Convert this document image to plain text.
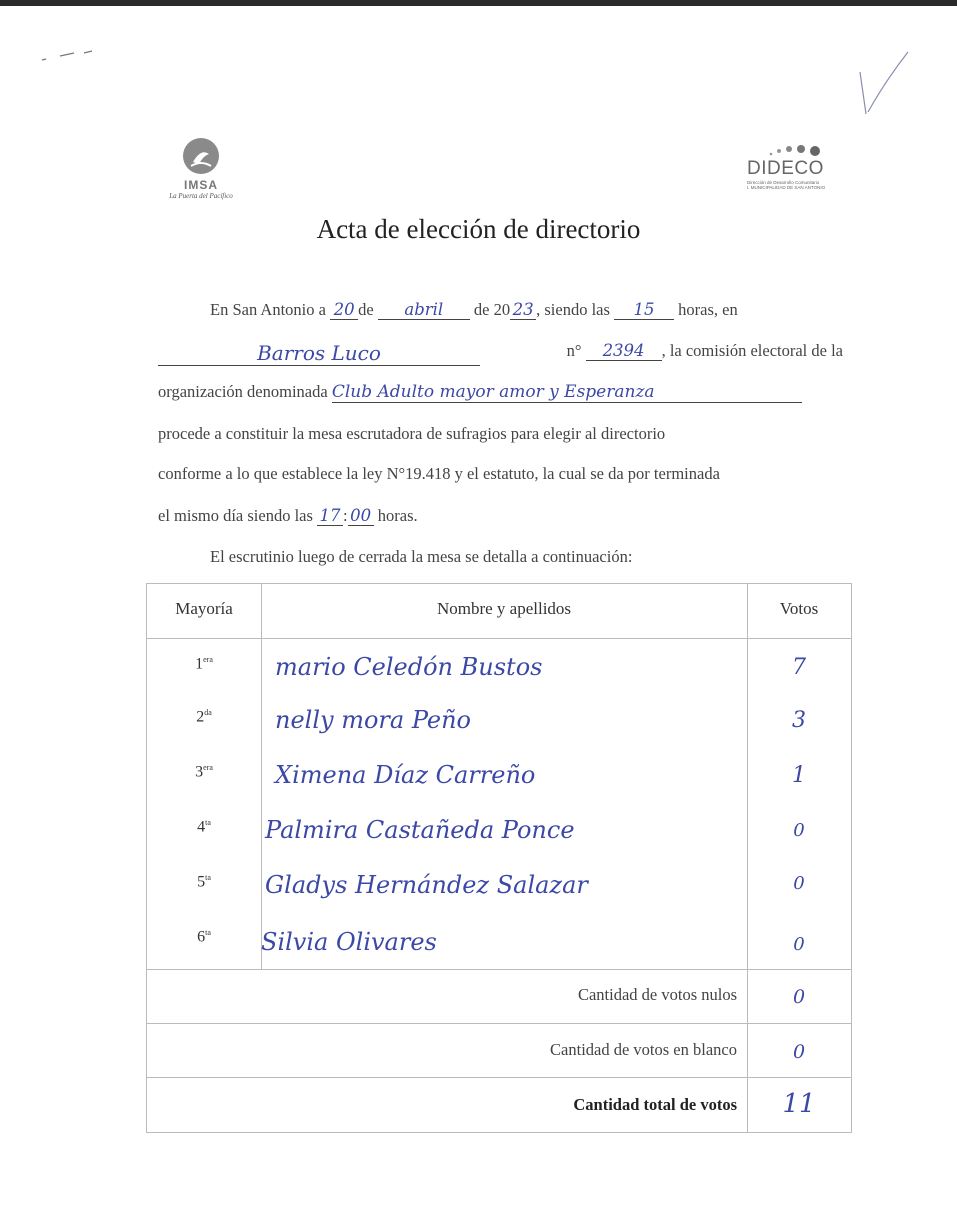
IMSA
La Puerta del Pacífico
DIDECO
Dirección de Desarrollo Comunitario
I. MUNICIPALIDAD DE SAN ANTONIO
Acta de elección de directorio
En San Antonio a 20 de abril de 20 23 , siendo las 15 horas, en
Barros Luco	n° 2394 , la comisión electoral de la
organización denominada Club Adulto mayor amor y Esperanza
procede a constituir la mesa escrutadora de sufragios para elegir al directorio
conforme a lo que establece la ley N°19.418 y el estatuto, la cual se da por terminada
el mismo día siendo las 17 : 00 horas.
El escrutinio luego de cerrada la mesa se detalla a continuación:
Mayoría	Nombre y apellidos	Votos
$1^{era}$	mario Celedón Bustos	7
$2^{da}$	nelly mora Peño	3
$3^{era}$	Ximena Díaz Carreño	1
$4^{ta}$	Palmira Castañeda Ponce	0
$5^{ta}$	Gladys Hernández Salazar	0
$6^{ta}$	Silvia Olivares	0
Cantidad de votos nulos	0
Cantidad de votos en blanco	0
Cantidad total de votos	11
